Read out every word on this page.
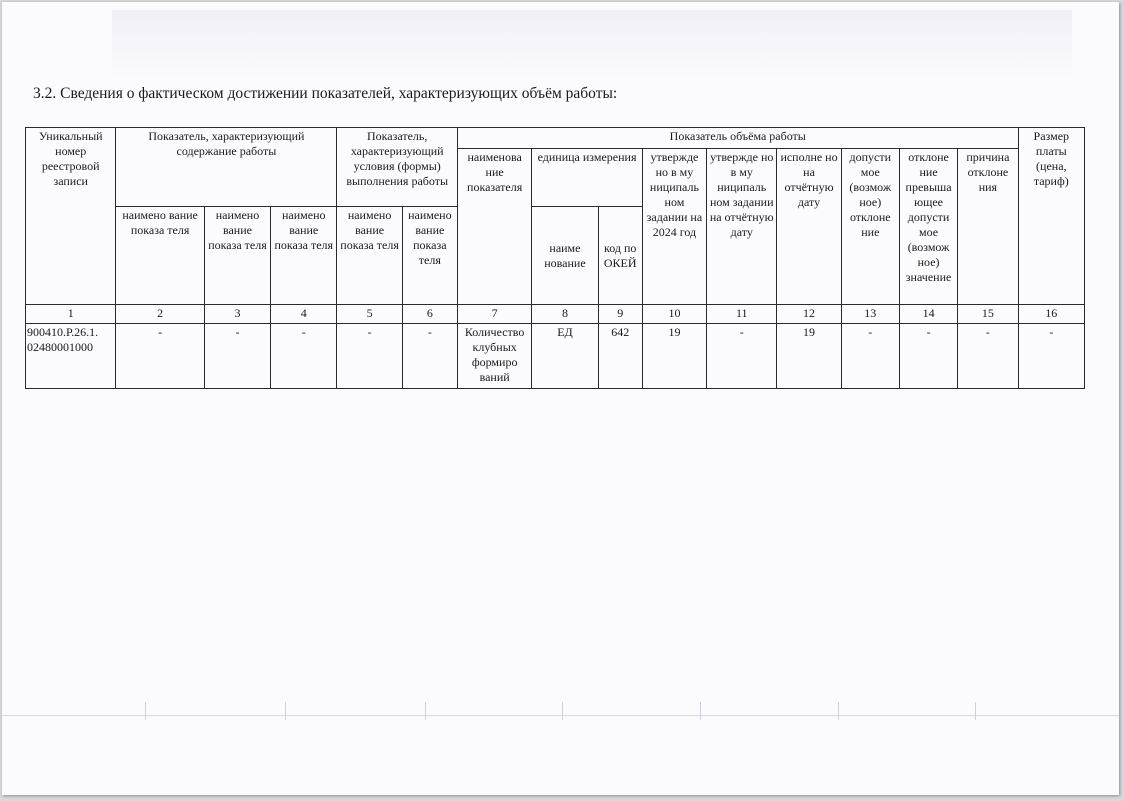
3.2. Сведения о фактическом достижении показателей, характеризующих объём работы:
Уникальный номер реестровой записи	Показатель, характеризующий содержание работы			Показатель, характеризующий условия (формы) выполнения работы		Показатель объёма работы									Размер платы (цена, тариф)
						наименова ние показателя	единица измерения		утвержде но в му ниципаль ном задании на 2024 год	утвержде но в му ниципаль ном задании на отчётную дату	исполне но на отчётную дату	допусти мое (возмож ное) отклоне ние	отклоне ние превыша ющее допусти мое (возмож ное) значение	причина отклоне ния	
	наимено вание показа теля	наимено вание показа теля	наимено вание показа теля	наимено вание показа теля	наимено вание показа теля		наиме нование	код по ОКЕЙ							
1	2	3	4	5	6	7	8	9	10	11	12	13	14	15	16
900410.Р.26.1. 02480001000	-	-	-	-	-	Количество клубных формиро ваний	ЕД	642	19	-	19	-	-	-	-
